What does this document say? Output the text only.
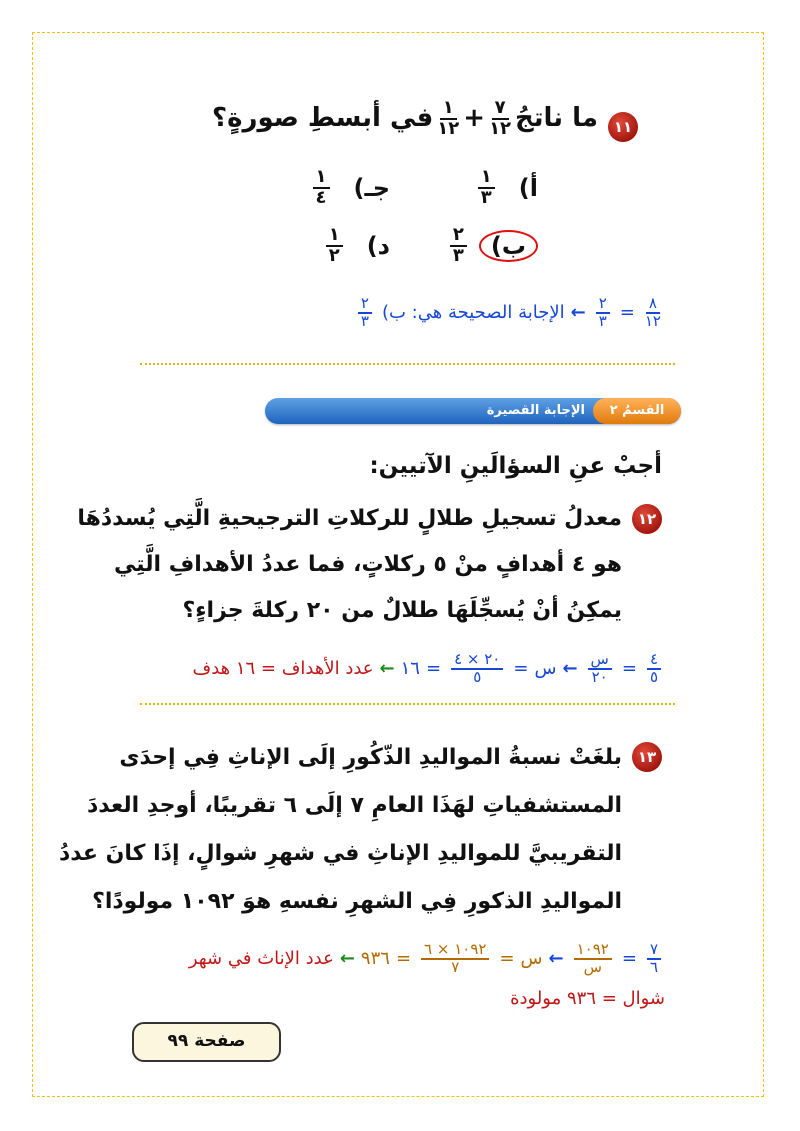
١١
ما ناتجُ
$\frac{٧}{١٢}$
+
$\frac{١}{١٢}$
في أبسطِ صورةٍ؟
أ)
$\frac{١}{٣}$
جـ)
$\frac{١}{٤}$
ب)
$\frac{٢}{٣}$
د)
$\frac{١}{٢}$
$\frac{٨}{١٢}$
=
$\frac{٢}{٣}$
←
الإجابة الصحيحة هي: ب)
$\frac{٢}{٣}$
القسمُ ٢
الإجابة القصيرة
أجبْ عنِ السؤالَينِ الآتيين:
١٢
معدلُ تسجيلِ طلالٍ للركلاتِ الترجيحيةِ الَّتِي يُسددُهَا
هو ٤ أهدافٍ منْ ٥ ركلاتٍ، فما عددُ الأهدافِ الَّتِي
يمكِنُ أنْ يُسجِّلَهَا طلالٌ من ٢٠ ركلةَ جزاءٍ؟
$\frac{٤}{٥}$
=
$\frac{\text{س}}{٢٠}$
←
س
=
$\frac{٢٠ \times ٤}{٥}$
=
١٦
←
عدد الأهداف = ١٦ هدف
١٣
بلغَتْ نسبةُ المواليدِ الذّكُورِ إلَى الإناثِ فِي إحدَى
المستشفياتِ لهَذَا العامِ ٧ إلَى ٦ تقريبًا، أوجدِ العددَ
التقريبيَّ للمواليدِ الإناثِ في شهرِ شوالٍ، إذَا كانَ عددُ
المواليدِ الذكورِ فِي الشهرِ نفسهِ هوَ ١٠٩٢ مولودًا؟
$\frac{٧}{٦}$
=
$\frac{١٠٩٢}{\text{س}}$
←
س
=
$\frac{١٠٩٢ \times ٦}{٧}$
=
٩٣٦
←
عدد الإناث في شهر
شوال = ٩٣٦ مولودة
صفحة ٩٩
